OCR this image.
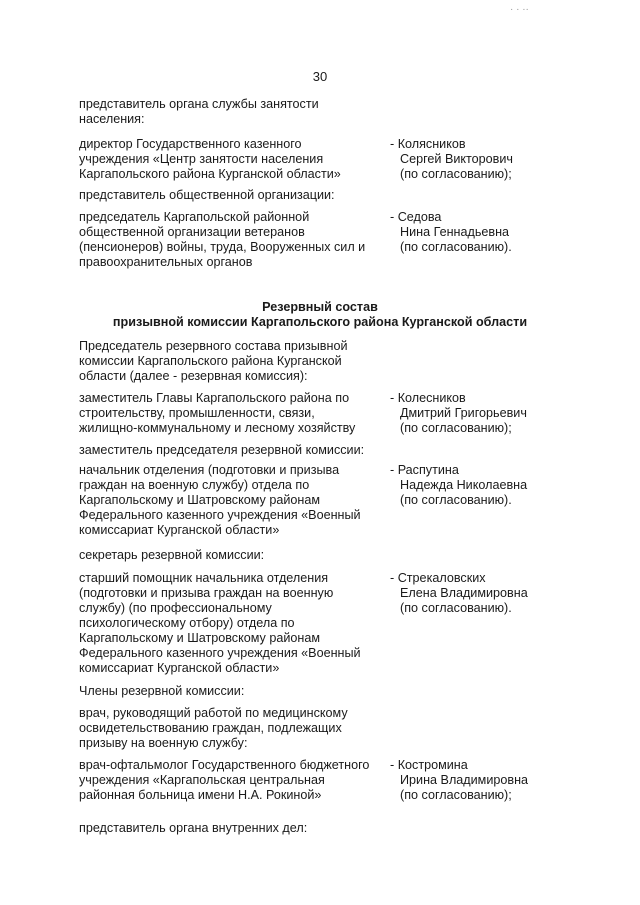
· · ··
30
представитель органа службы занятости
населения:
директор Государственного казенного
учреждения «Центр занятости населения
Каргапольского района Курганской области»
- Колясников
Сергей Викторович
(по согласованию);
представитель общественной организации:
председатель Каргапольской районной
общественной организации ветеранов
(пенсионеров) войны, труда, Вооруженных сил и
правоохранительных органов
- Седова
Нина Геннадьевна
(по согласованию).
Резервный состав
призывной комиссии Каргапольского района Курганской области
Председатель резервного состава призывной
комиссии Каргапольского района Курганской
области (далее - резервная комиссия):
заместитель Главы Каргапольского района по
строительству, промышленности, связи,
жилищно-коммунальному и лесному хозяйству
- Колесников
Дмитрий Григорьевич
(по согласованию);
заместитель председателя резервной комиссии:
начальник отделения (подготовки и призыва
граждан на военную службу) отдела по
Каргапольскому и Шатровскому районам
Федерального казенного учреждения «Военный
комиссариат Курганской области»
- Распутина
Надежда Николаевна
(по согласованию).
секретарь резервной комиссии:
старший помощник начальника отделения
(подготовки и призыва граждан на военную
службу) (по профессиональному
психологическому отбору) отдела по
Каргапольскому и Шатровскому районам
Федерального казенного учреждения «Военный
комиссариат Курганской области»
- Стрекаловских
Елена Владимировна
(по согласованию).
Члены резервной комиссии:
врач, руководящий работой по медицинскому
освидетельствованию граждан, подлежащих
призыву на военную службу:
врач-офтальмолог Государственного бюджетного
учреждения «Каргапольская центральная
районная больница имени Н.А. Рокиной»
- Костромина
Ирина Владимировна
(по согласованию);
представитель органа внутренних дел:
